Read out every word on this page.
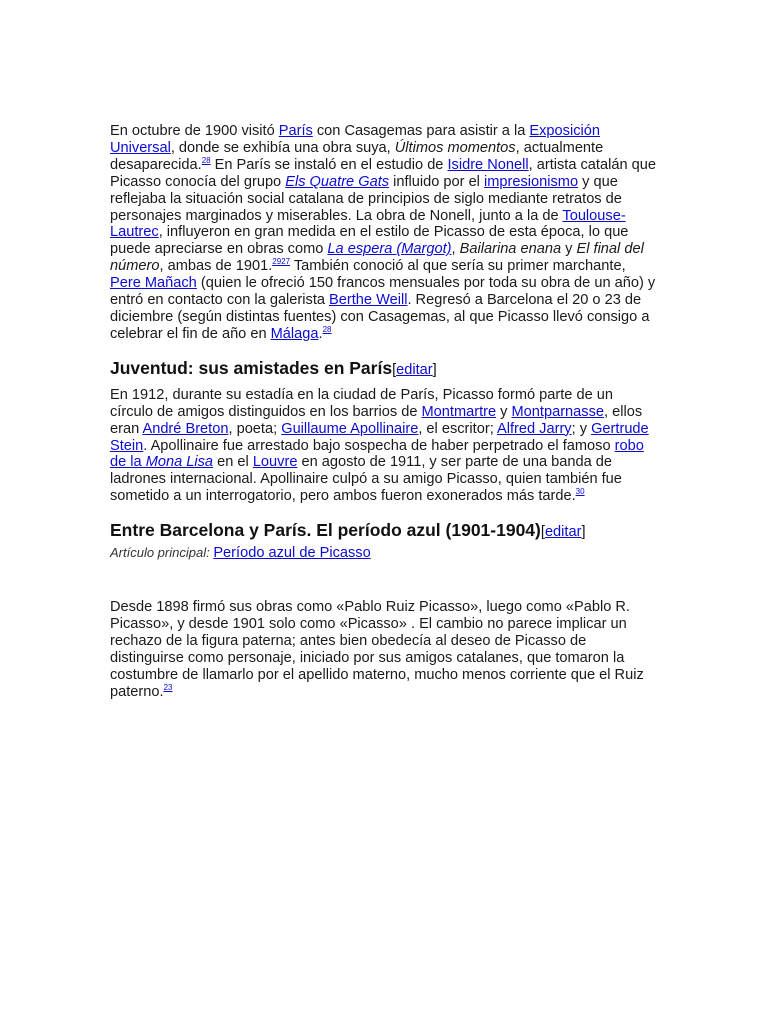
En octubre de 1900 visitó París con Casagemas para asistir a la Exposición Universal, donde se exhibía una obra suya, Últimos momentos, actualmente desaparecida.$^{28}$ En París se instaló en el estudio de Isidre Nonell, artista catalán que Picasso conocía del grupo Els Quatre Gats influido por el impresionismo y que reflejaba la situación social catalana de principios de siglo mediante retratos de personajes marginados y miserables. La obra de Nonell, junto a la de Toulouse-Lautrec, influyeron en gran medida en el estilo de Picasso de esta época, lo que puede apreciarse en obras como La espera (Margot), Bailarina enana y El final del número, ambas de 1901.$^{2927}$ También conoció al que sería su primer marchante, Pere Mañach (quien le ofreció 150 francos mensuales por toda su obra de un año) y entró en contacto con la galerista Berthe Weill. Regresó a Barcelona el 20 o 23 de diciembre (según distintas fuentes) con Casagemas, al que Picasso llevó consigo a celebrar el fin de año en Málaga.$^{28}$

Juventud: sus amistades en París[editar]

En 1912, durante su estadía en la ciudad de París, Picasso formó parte de un círculo de amigos distinguidos en los barrios de Montmartre y Montparnasse, ellos eran André Breton, poeta; Guillaume Apollinaire, el escritor; Alfred Jarry; y Gertrude Stein. Apollinaire fue arrestado bajo sospecha de haber perpetrado el famoso robo de la Mona Lisa en el Louvre en agosto de 1911, y ser parte de una banda de ladrones internacional. Apollinaire culpó a su amigo Picasso, quien también fue sometido a un interrogatorio, pero ambos fueron exonerados más tarde.$^{30}$

Entre Barcelona y París. El período azul (1901-1904)[editar]
Artículo principal: Período azul de Picasso

Desde 1898 firmó sus obras como «Pablo Ruiz Picasso», luego como «Pablo R. Picasso», y desde 1901 solo como «Picasso» . El cambio no parece implicar un rechazo de la figura paterna; antes bien obedecía al deseo de Picasso de distinguirse como personaje, iniciado por sus amigos catalanes, que tomaron la costumbre de llamarlo por el apellido materno, mucho menos corriente que el Ruiz paterno.$^{23}$
